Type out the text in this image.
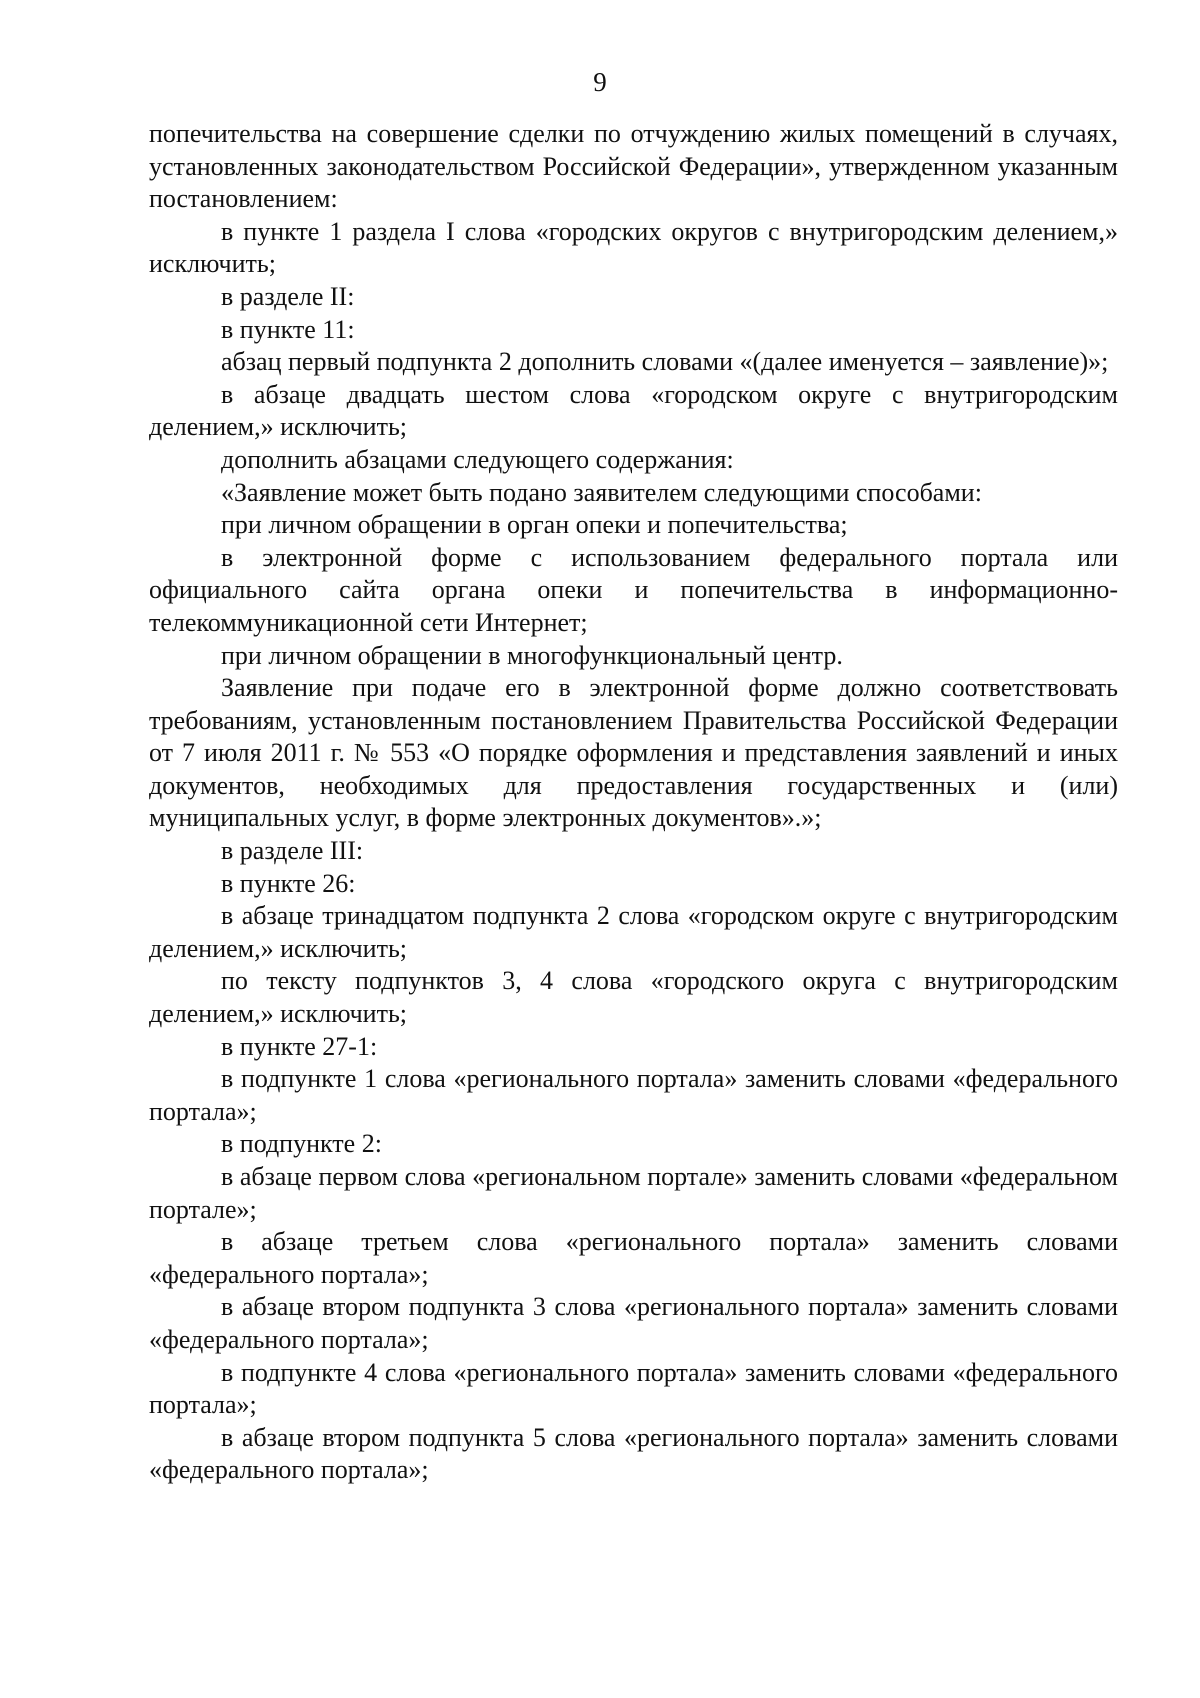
9

попечительства на совершение сделки по отчуждению жилых помещений в случаях, установленных законодательством Российской Федерации», утвержденном указанным постановлением:

в пункте 1 раздела I слова «городских округов с внутригородским делением,» исключить;

в разделе II:

в пункте 11:

абзац первый подпункта 2 дополнить словами «(далее именуется – заявление)»;

в абзаце двадцать шестом слова «городском округе с внутригородским делением,» исключить;

дополнить абзацами следующего содержания:

«Заявление может быть подано заявителем следующими способами:

при личном обращении в орган опеки и попечительства;

в электронной форме с использованием федерального портала или официального сайта органа опеки и попечительства в информационно-телекоммуникационной сети Интернет;

при личном обращении в многофункциональный центр.

Заявление при подаче его в электронной форме должно соответствовать требованиям, установленным постановлением Правительства Российской Федерации от 7 июля 2011 г. № 553 «О порядке оформления и представления заявлений и иных документов, необходимых для предоставления государственных и (или) муниципальных услуг, в форме электронных документов».»;

в разделе III:

в пункте 26:

в абзаце тринадцатом подпункта 2 слова «городском округе с внутригородским делением,» исключить;

по тексту подпунктов 3, 4 слова «городского округа с внутригородским делением,» исключить;

в пункте 27-1:

в подпункте 1 слова «регионального портала» заменить словами «федерального портала»;

в подпункте 2:

в абзаце первом слова «региональном портале» заменить словами «федеральном портале»;

в абзаце третьем слова «регионального портала» заменить словами «федерального портала»;

в абзаце втором подпункта 3 слова «регионального портала» заменить словами «федерального портала»;

в подпункте 4 слова «регионального портала» заменить словами «федерального портала»;

в абзаце втором подпункта 5 слова «регионального портала» заменить словами «федерального портала»;
